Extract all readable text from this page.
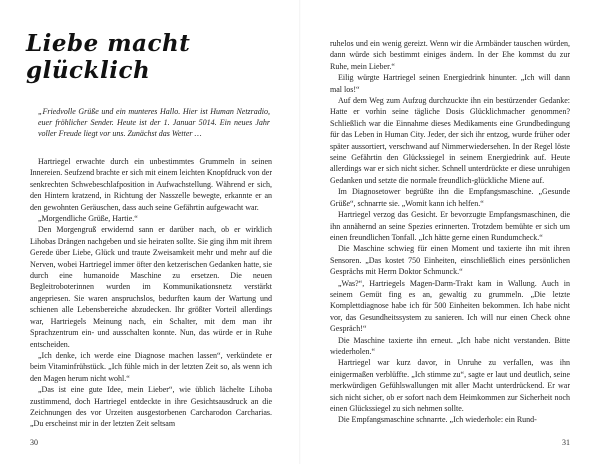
Liebe macht glücklich
„Friedvolle Grüße und ein munteres Hallo. Hier ist Human Netzradio, euer fröhlicher Sender. Heute ist der 1. Januar 5014. Ein neues Jahr voller Freude liegt vor uns. Zunächst das Wetter …

Hartriegel erwachte durch ein unbestimmtes Grummeln in seinen Innereien. Seufzend brachte er sich mit einem leichten Knopfdruck von der senkrechten Schwebeschlafposition in Aufwachstellung. Während er sich, den Hintern kratzend, in Richtung der Nasszelle bewegte, erkannte er an den gewohnten Geräuschen, dass auch seine Gefährtin aufgewacht war.

„Morgendliche Grüße, Hartie.“

Den Morgengruß erwidernd sann er darüber nach, ob er wirklich Lihobas Drängen nachgeben und sie heiraten sollte. Sie ging ihm mit ihrem Gerede über Liebe, Glück und traute Zweisamkeit mehr und mehr auf die Nerven, wobei Hartriegel immer öfter den ketzerischen Gedanken hatte, sie durch eine humanoide Maschine zu ersetzen. Die neuen Begleitroboterinnen wurden im Kommunikationsnetz verstärkt angepriesen. Sie waren anspruchslos, bedurften kaum der Wartung und schienen alle Lebensbereiche abzudecken. Ihr größter Vorteil allerdings war, Hartriegels Meinung nach, ein Schalter, mit dem man ihr Sprachzentrum ein- und ausschalten konnte. Nun, das würde er in Ruhe entscheiden.

„Ich denke, ich werde eine Diagnose machen lassen“, verkündete er beim Vitaminfrühstück. „Ich fühle mich in der letzten Zeit so, als wenn ich den Magen herum nicht wohl.“

„Das ist eine gute Idee, mein Lieber“, wie üblich lächelte Lihoba zustimmend, doch Hartriegel entdeckte in ihre Gesichtsausdruck an die Zeichnungen des vor Urzeiten ausgestorbenen Carcharodon Carcharias. „Du erscheinst mir in der letzten Zeit seltsam

30

ruhelos und ein wenig gereizt. Wenn wir die Armbänder tauschen würden, dann würde sich bestimmt einiges ändern. In der Ehe kommst du zur Ruhe, mein Lieber.“

Eilig würgte Hartriegel seinen Energiedrink hinunter. „Ich will dann mal los!“

Auf dem Weg zum Aufzug durchzuckte ihn ein bestürzender Gedanke: Hatte er vorhin seine tägliche Dosis Glücklichmacher genommen? Schließlich war die Einnahme dieses Medikaments eine Grundbedingung für das Leben in Human City. Jeder, der sich ihr entzog, wurde früher oder später aussortiert, verschwand auf Nimmerwiedersehen. In der Regel löste seine Gefährtin den Glückssiegel in seinem Energiedrink auf. Heute allerdings war er sich nicht sicher. Schnell unterdrückte er diese unruhigen Gedanken und setzte die normale freundlich-glückliche Miene auf.

Im Diagnosetower begrüßte ihn die Empfangsmaschine. „Gesunde Grüße“, schnarrte sie. „Womit kann ich helfen.“

Hartriegel verzog das Gesicht. Er bevorzugte Empfangsmaschinen, die ihn annähernd an seine Spezies erinnerten. Trotzdem bemühte er sich um einen freundlichen Tonfall. „Ich hätte gerne einen Rundumcheck.“

Die Maschine schwieg für einen Moment und taxierte ihn mit ihren Sensoren. „Das kostet 750 Einheiten, einschließlich eines persönlichen Gesprächs mit Herrn Doktor Schmunck.“

„Was?“, Hartriegels Magen-Darm-Trakt kam in Wallung. Auch in seinem Gemüt fing es an, gewaltig zu grummeln. „Die letzte Komplettdiagnose habe ich für 500 Einheiten bekommen. Ich habe nicht vor, das Gesundheitssystem zu sanieren. Ich will nur einen Check ohne Gespräch!“

Die Maschine taxierte ihn erneut. „Ich habe nicht verstanden. Bitte wiederholen.“

Hartriegel war kurz davor, in Unruhe zu verfallen, was ihn einigermaßen verblüffte. „Ich stimme zu“, sagte er laut und deutlich, seine merkwürdigen Gefühlswallungen mit aller Macht unterdrückend. Er war sich nicht sicher, ob er sofort nach dem Heimkommen zur Sicherheit noch einen Glückssiegel zu sich nehmen sollte.

Die Empfangsmaschine schnarrte. „Ich wiederhole: ein Rund-

31
